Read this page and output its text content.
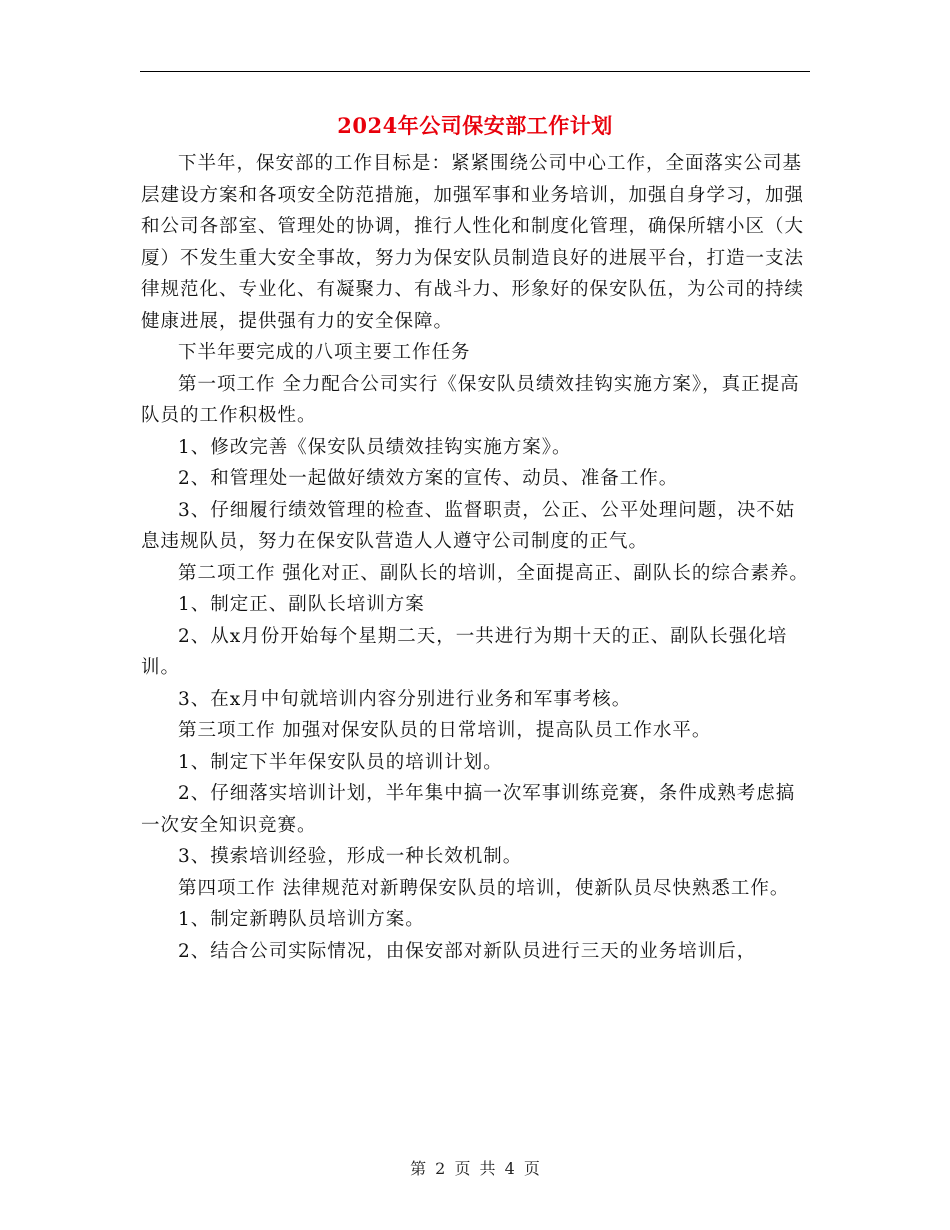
2024年公司保安部工作计划

下半年，保安部的工作目标是：紧紧围绕公司中心工作，全面落实公司基层建设方案和各项安全防范措施，加强军事和业务培训，加强自身学习，加强和公司各部室、管理处的协调，推行人性化和制度化管理，确保所辖小区（大厦）不发生重大安全事故，努力为保安队员制造良好的进展平台，打造一支法律规范化、专业化、有凝聚力、有战斗力、形象好的保安队伍，为公司的持续健康进展，提供强有力的安全保障。

下半年要完成的八项主要工作任务

第一项工作 全力配合公司实行《保安队员绩效挂钩实施方案》，真正提高队员的工作积极性。

1、修改完善《保安队员绩效挂钩实施方案》。

2、和管理处一起做好绩效方案的宣传、动员、准备工作。

3、仔细履行绩效管理的检查、监督职责，公正、公平处理问题，决不姑息违规队员，努力在保安队营造人人遵守公司制度的正气。

第二项工作 强化对正、副队长的培训，全面提高正、副队长的综合素养。

1、制定正、副队长培训方案

2、从x月份开始每个星期二天，一共进行为期十天的正、副队长强化培训。

3、在x月中旬就培训内容分别进行业务和军事考核。

第三项工作 加强对保安队员的日常培训，提高队员工作水平。

1、制定下半年保安队员的培训计划。

2、仔细落实培训计划，半年集中搞一次军事训练竞赛，条件成熟考虑搞一次安全知识竞赛。

3、摸索培训经验，形成一种长效机制。

第四项工作 法律规范对新聘保安队员的培训，使新队员尽快熟悉工作。

1、制定新聘队员培训方案。

2、结合公司实际情况，由保安部对新队员进行三天的业务培训后，

第 2 页 共 4 页
